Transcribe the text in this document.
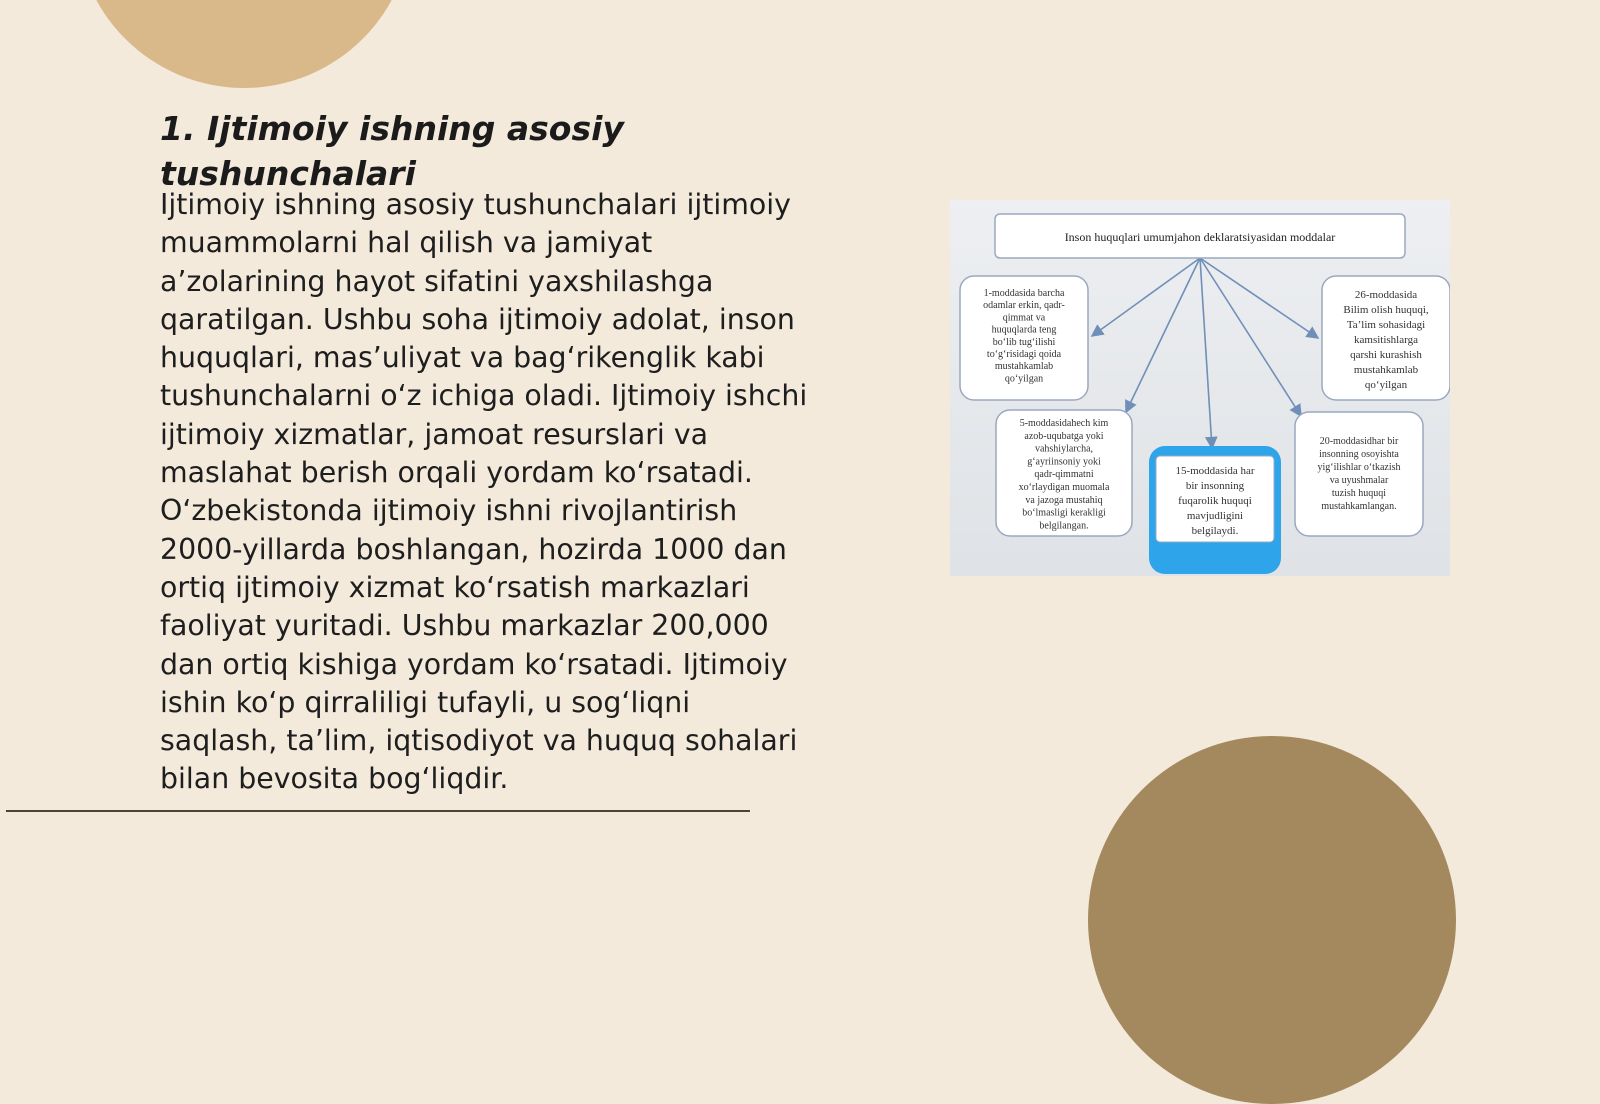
1. Ijtimoiy ishning asosiy tushunchalari

Ijtimoiy ishning asosiy tushunchalari ijtimoiy
muammolarni hal qilish va jamiyat
a’zolarining hayot sifatini yaxshilashga
qaratilgan. Ushbu soha ijtimoiy adolat, inson
huquqlari, mas’uliyat va bag‘rikenglik kabi
tushunchalarni o‘z ichiga oladi. Ijtimoiy ishchi
ijtimoiy xizmatlar, jamoat resurslari va
maslahat berish orqali yordam ko‘rsatadi.
O‘zbekistonda ijtimoiy ishni rivojlantirish
2000-yillarda boshlangan, hozirda 1000 dan
ortiq ijtimoiy xizmat ko‘rsatish markazlari
faoliyat yuritadi. Ushbu markazlar 200,000
dan ortiq kishiga yordam ko‘rsatadi. Ijtimoiy
ishin ko‘p qirraliligi tufayli, u sog‘liqni
saqlash, ta’lim, iqtisodiyot va huquq sohalari
bilan bevosita bog‘liqdir.

Inson huquqlari umumjahon deklaratsiyasidan moddalar
1-moddasida barcha odamlar erkin, qadr-qimmat va huquqlarda teng bo‘lib tug‘ilishi to‘g‘risidagi qoida mustahkamlab qo‘yilgan
26-moddasida Bilim olish huquqi, Ta’lim sohasidagi kamsitishlarga qarshi kurashish mustahkamlab qo‘yilgan
5-moddasidahech kim azob-uqubatga yoki vahshiylarcha, g‘ayriinsoniy yoki qadr-qimmatni xo‘rlaydigan muomala va jazoga mustahiq bo‘lmasligi kerakligi belgilangan.
15-moddasida har bir insonning fuqarolik huquqi mavjudligini belgilaydi.
20-moddasidhar bir insonning osoyishta yig‘ilishlar o‘tkazish va uyushmalar tuzish huquqi mustahkamlangan.
